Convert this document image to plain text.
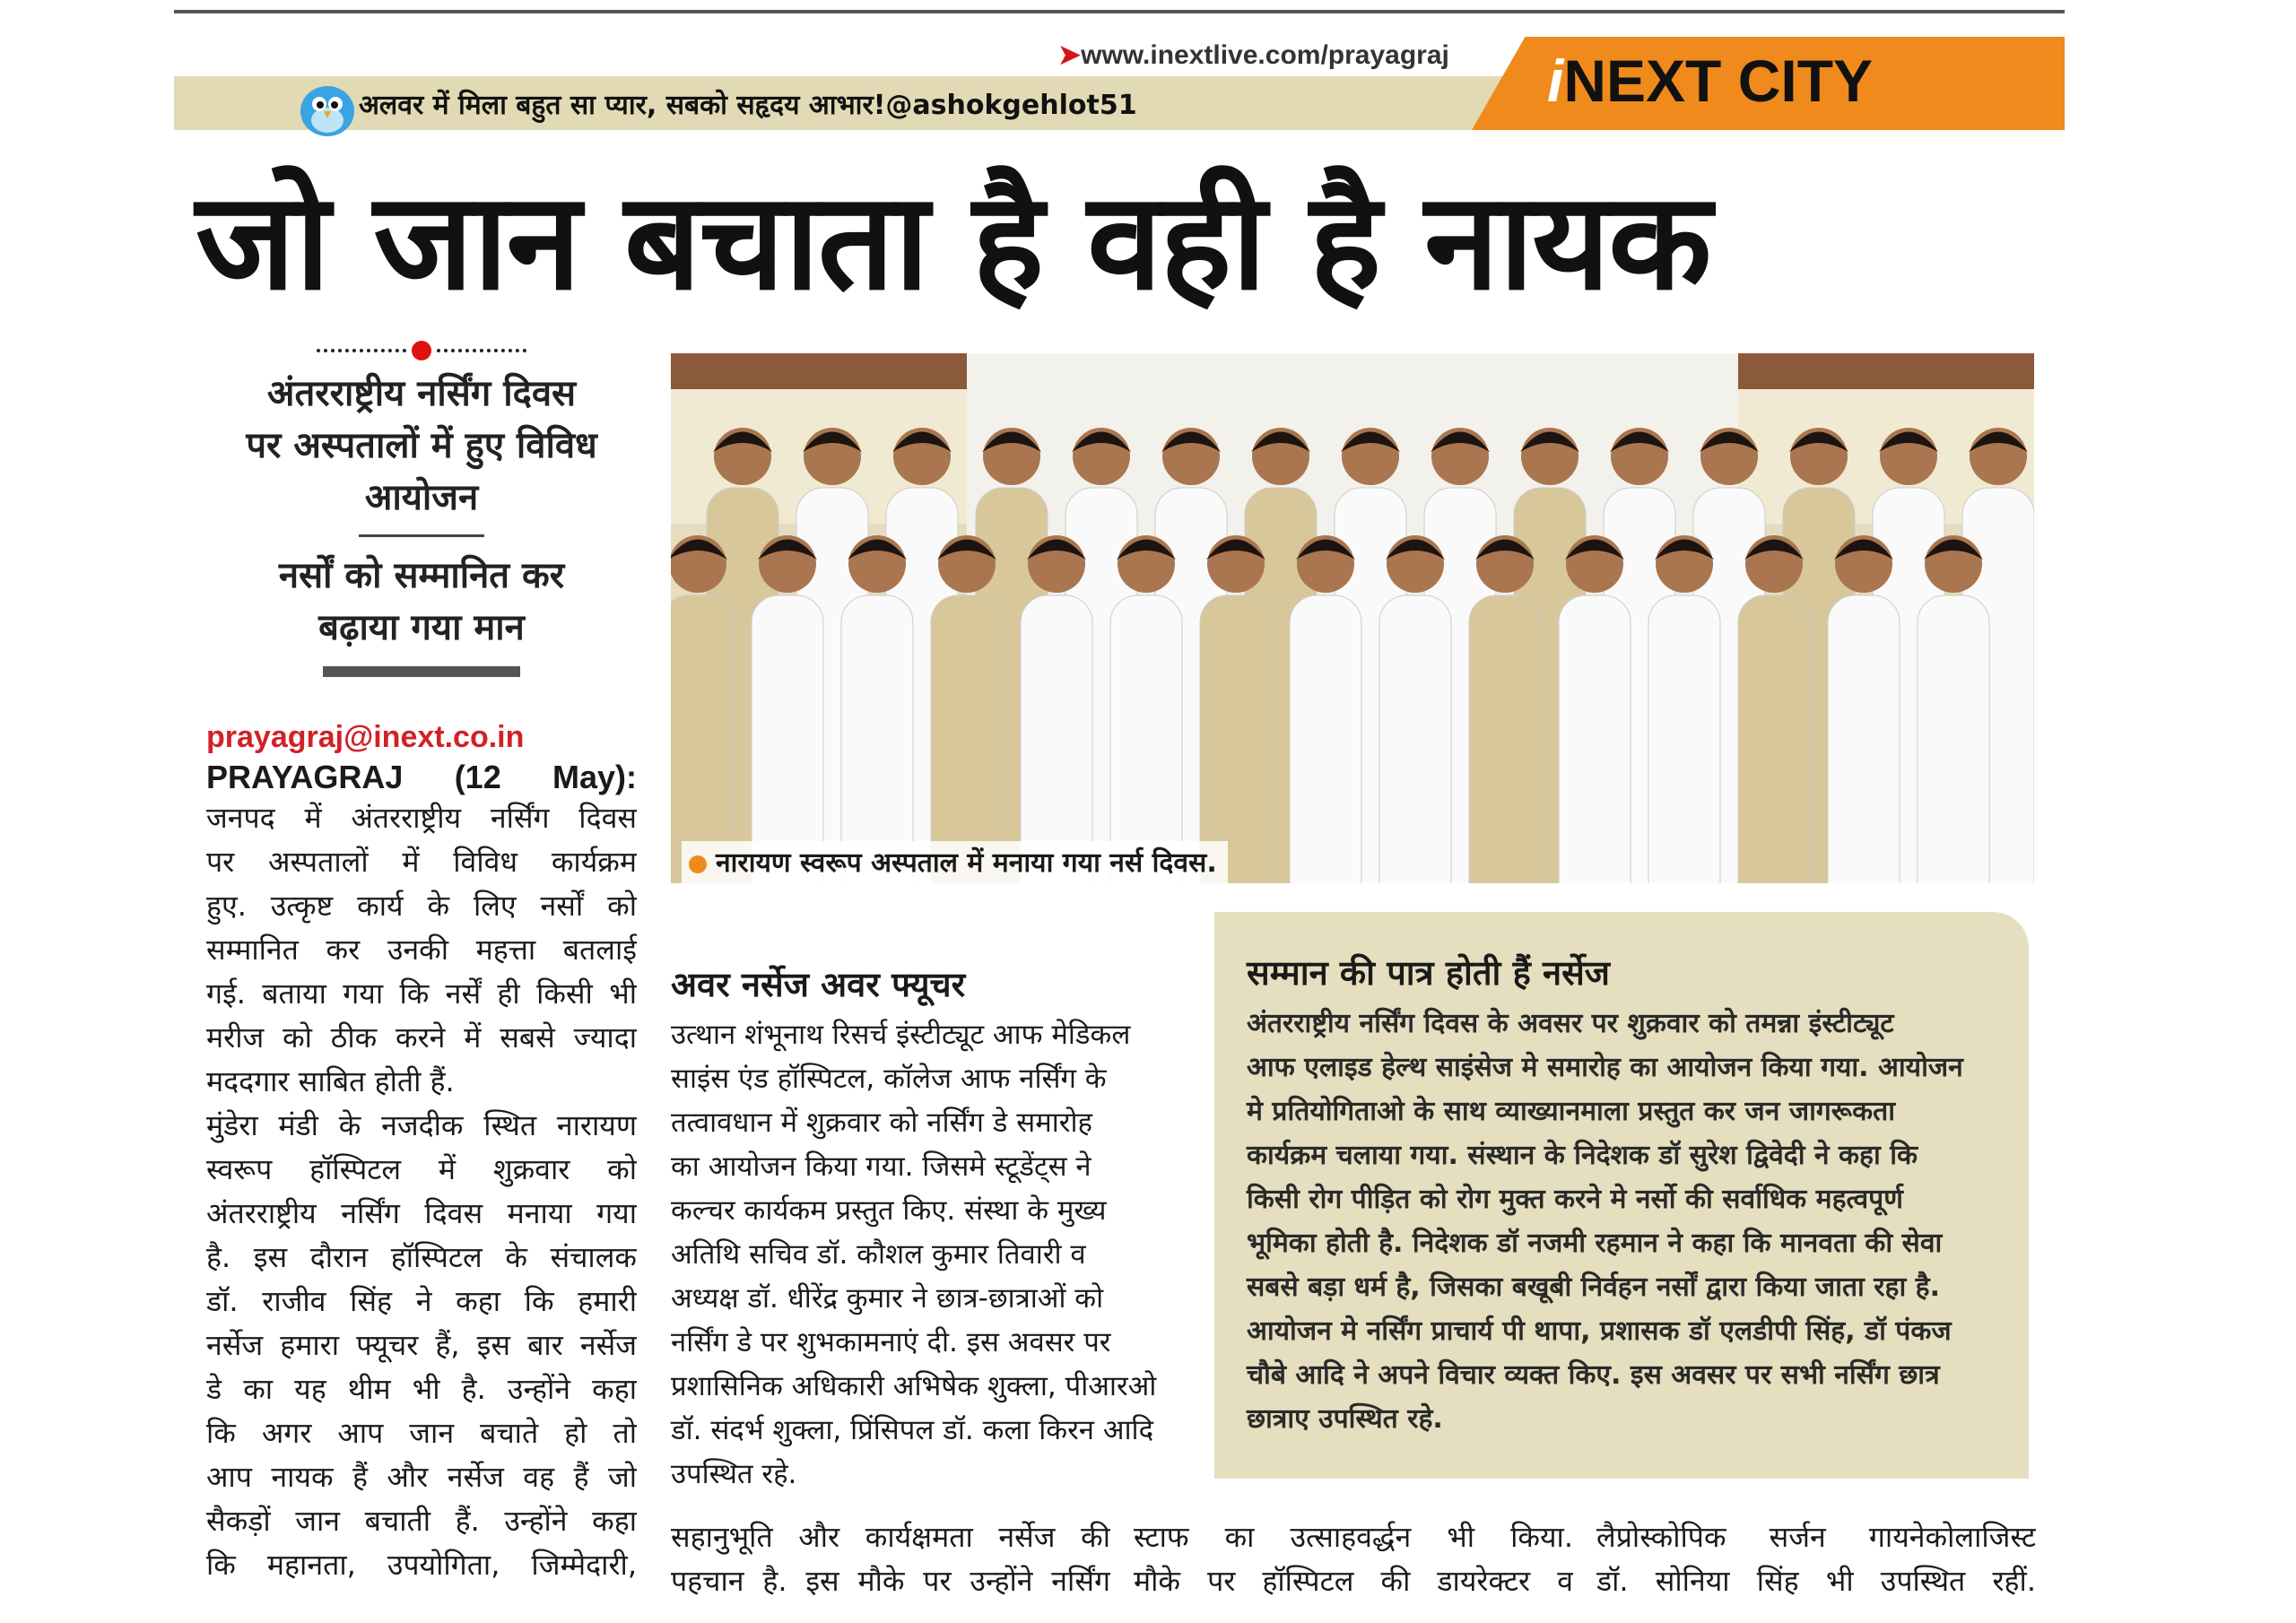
➤www.inextlive.com/prayagraj
अलवर में मिला बहुत सा प्यार, सबको सहृदय आभार!@ashokgehlot51	iNEXT CITY
जो जान बचाता है वही है नायक
अंतरराष्ट्रीय नर्सिंग दिवस
पर अस्पतालों में हुए विविध
आयोजन
नर्सों को सम्मानित कर
बढ़ाया गया मान
prayagraj@inext.co.in
PRAYAGRAJ (12 May):
जनपद में अंतरराष्ट्रीय नर्सिंग दिवस
पर अस्पतालों में विविध कार्यक्रम
हुए. उत्कृष्ट कार्य के लिए नर्सों को
सम्मानित कर उनकी महत्ता बतलाई
गई. बताया गया कि नर्सें ही किसी भी
मरीज को ठीक करने में सबसे ज्यादा
मददगार साबित होती हैं.
मुंडेरा मंडी के नजदीक स्थित नारायण
स्वरूप हॉस्पिटल में शुक्रवार को
अंतरराष्ट्रीय नर्सिंग दिवस मनाया गया
है. इस दौरान हॉस्पिटल के संचालक
डॉ. राजीव सिंह ने कहा कि हमारी
नर्सेज हमारा फ्यूचर हैं, इस बार नर्सेज
डे का यह थीम भी है. उन्होंने कहा
कि अगर आप जान बचाते हो तो
आप नायक हैं और नर्सेज वह हैं जो
सैकड़ों जान बचाती हैं. उन्होंने कहा
कि महानता, उपयोगिता, जिम्मेदारी,
नारायण स्वरूप अस्पताल में मनाया गया नर्स दिवस.
अवर नर्सेज अवर फ्यूचर
उत्थान शंभूनाथ रिसर्च इंस्टीट्यूट आफ मेडिकल
साइंस एंड हॉस्पिटल, कॉलेज आफ नर्सिंग के
तत्वावधान में शुक्रवार को नर्सिंग डे समारोह
का आयोजन किया गया. जिसमे स्टूडेंट्स ने
कल्चर कार्यकम प्रस्तुत किए. संस्था के मुख्य
अतिथि सचिव डॉ. कौशल कुमार तिवारी व
अध्यक्ष डॉ. धीरेंद्र कुमार ने छात्र-छात्राओं को
नर्सिंग डे पर शुभकामनाएं दी. इस अवसर पर
प्रशासिनिक अधिकारी अभिषेक शुक्ला, पीआरओ
डॉ. संदर्भ शुक्ला, प्रिंसिपल डॉ. कला किरन आदि
उपस्थित रहे.
सम्मान की पात्र होती हैं नर्सेज
अंतरराष्ट्रीय नर्सिंग दिवस के अवसर पर शुक्रवार को तमन्ना इंस्टीट्यूट
आफ एलाइड हेल्थ साइंसेज मे समारोह का आयोजन किया गया. आयोजन
मे प्रतियोगिताओ के साथ व्याख्यानमाला प्रस्तुत कर जन जागरूकता
कार्यक्रम चलाया गया. संस्थान के निदेशक डॉ सुरेश द्विवेदी ने कहा कि
किसी रोग पीड़ित को रोग मुक्त करने मे नर्सो की सर्वाधिक महत्वपूर्ण
भूमिका होती है. निदेशक डॉ नजमी रहमान ने कहा कि मानवता की सेवा
सबसे बड़ा धर्म है, जिसका बखूबी निर्वहन नर्सों द्वारा किया जाता रहा है.
आयोजन मे नर्सिंग प्राचार्य पी थापा, प्रशासक डॉ एलडीपी सिंह, डॉ पंकज
चौबे आदि ने अपने विचार व्यक्त किए. इस अवसर पर सभी नर्सिंग छात्र
छात्राए उपस्थित रहे.
सहानुभूति और कार्यक्षमता नर्सेज की
पहचान है. इस मौके पर उन्होंने नर्सिंग
स्टाफ का उत्साहवर्द्धन भी किया.
मौके पर हॉस्पिटल की डायरेक्टर व
लैप्रोस्कोपिक सर्जन गायनेकोलाजिस्ट
डॉ. सोनिया सिंह भी उपस्थित रहीं.
